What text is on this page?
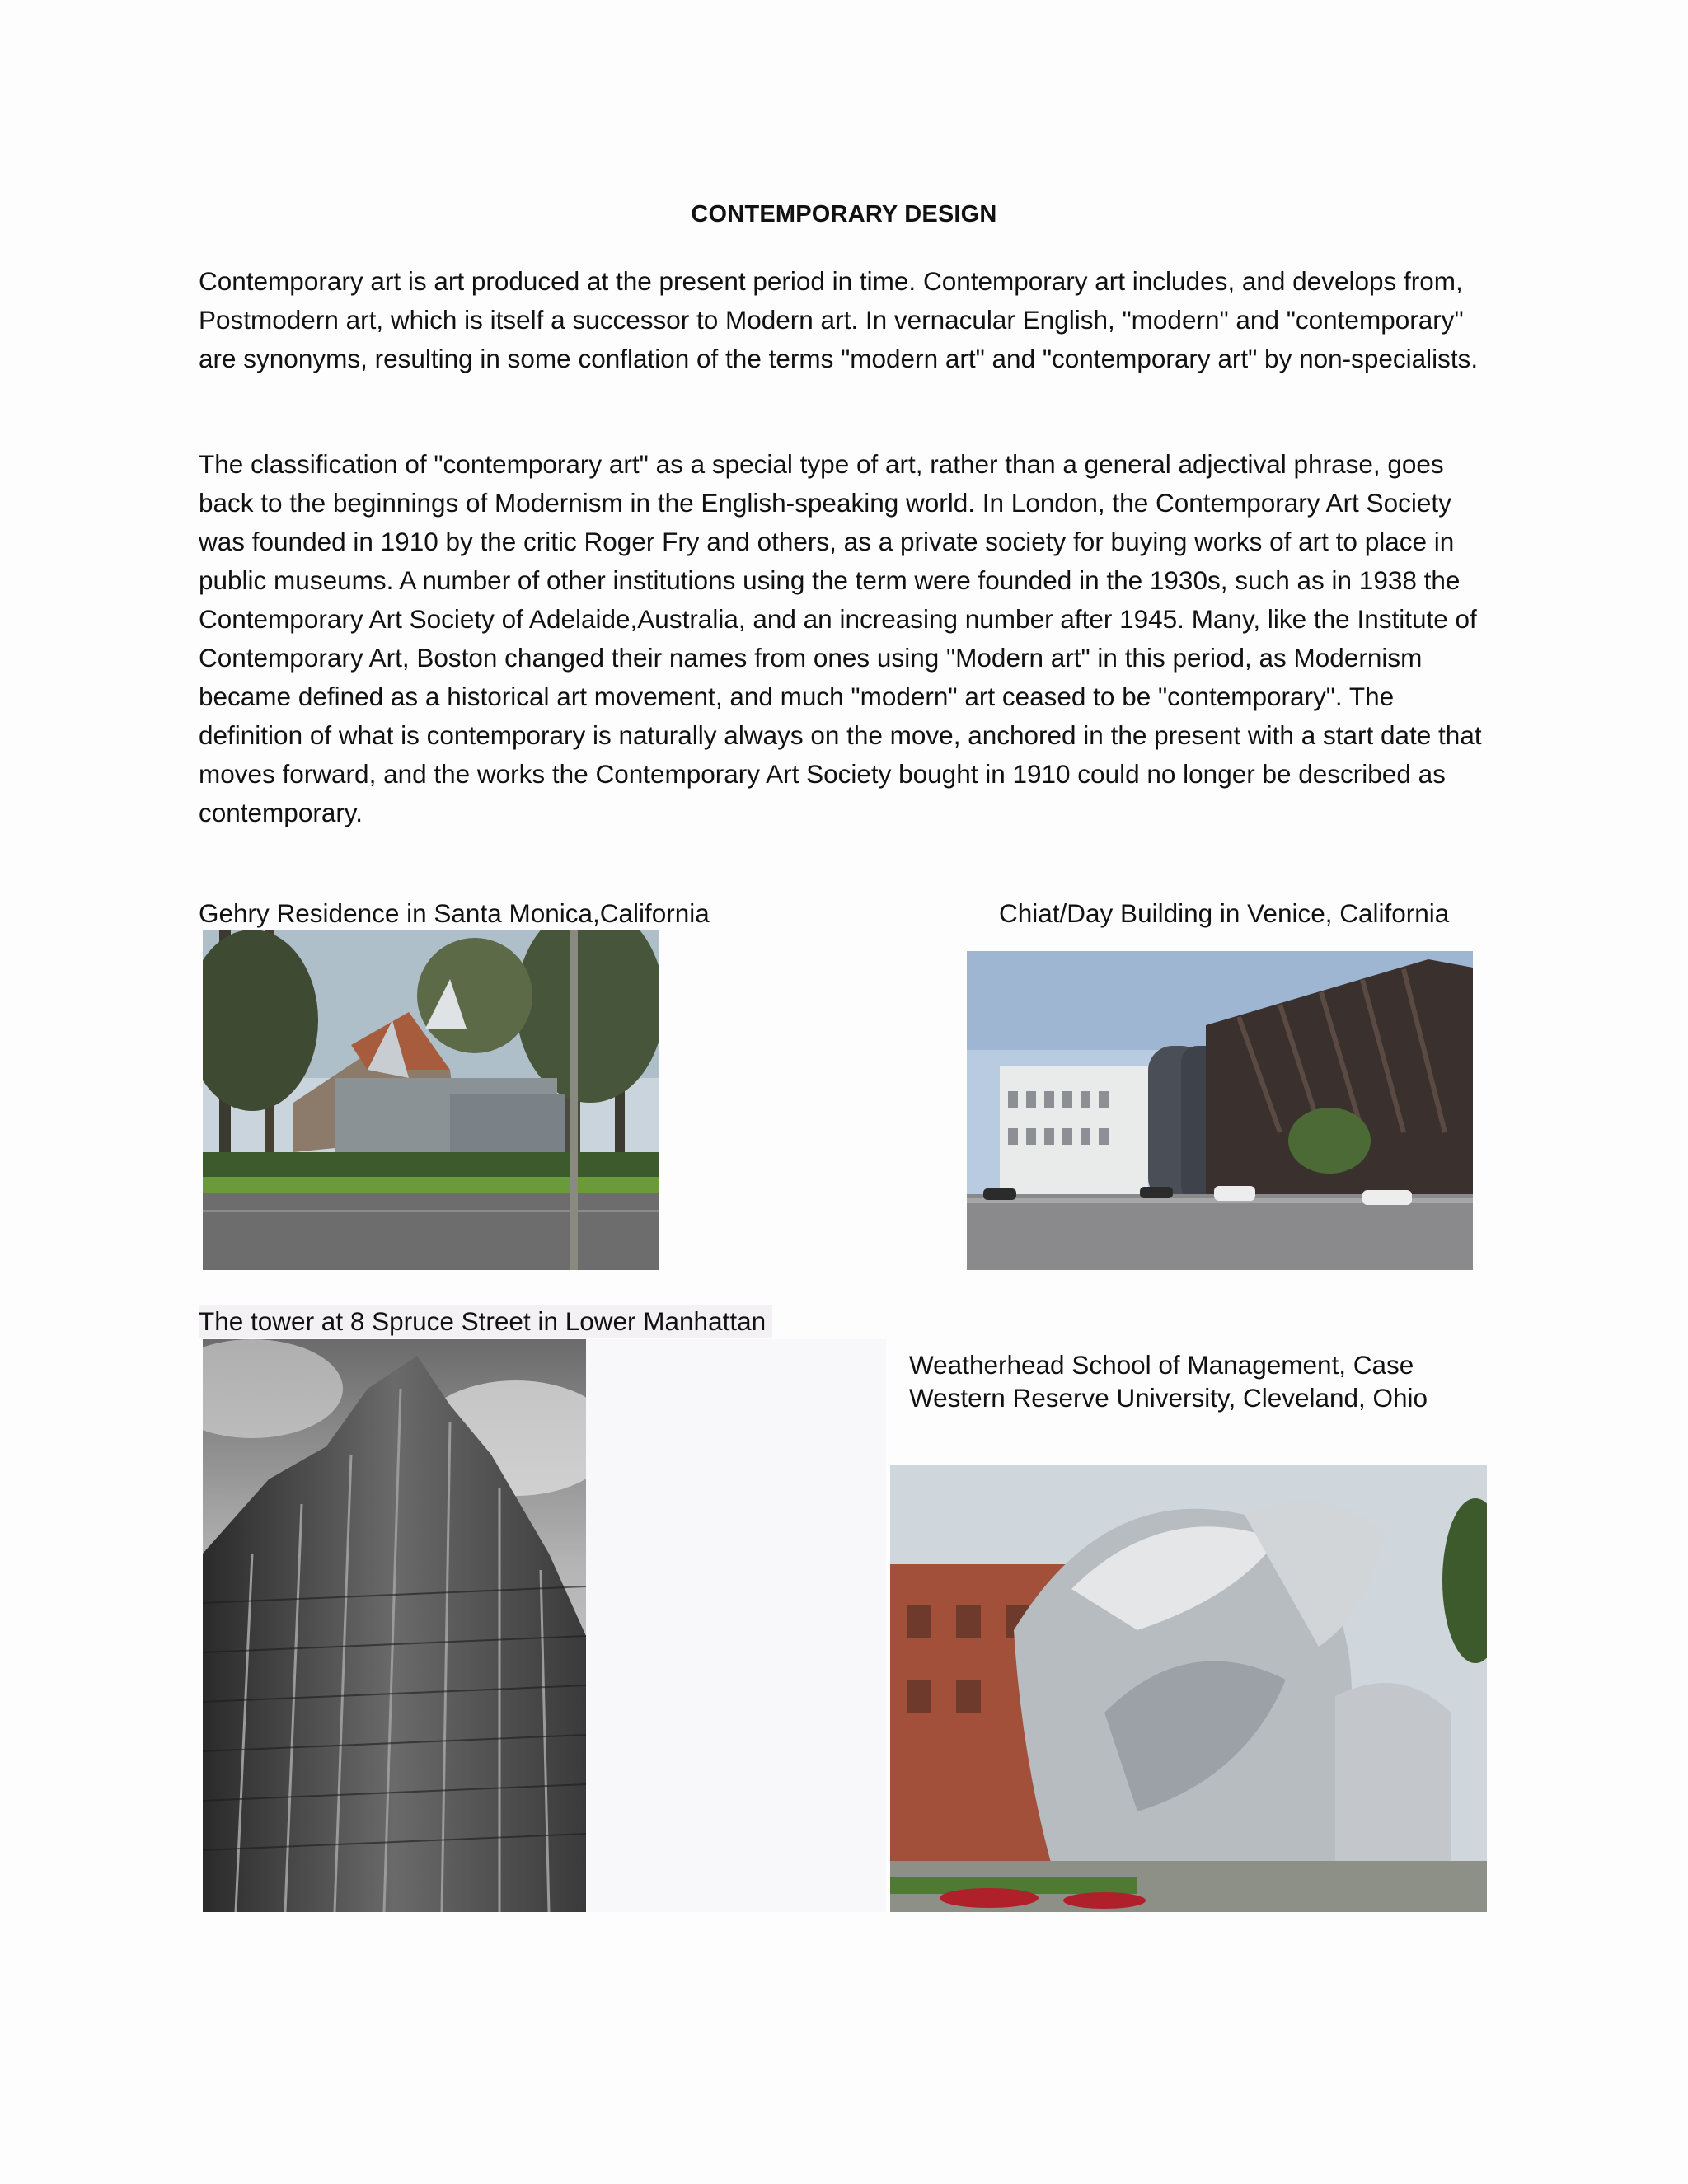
CONTEMPORARY DESIGN

Contemporary art is art produced at the present period in time. Contemporary art includes, and develops from, Postmodern art, which is itself a successor to Modern art. In vernacular English, "modern" and "contemporary" are synonyms, resulting in some conflation of the terms "modern art" and "contemporary art" by non-specialists.

The classification of "contemporary art" as a special type of art, rather than a general adjectival phrase, goes back to the beginnings of Modernism in the English-speaking world. In London, the Contemporary Art Society was founded in 1910 by the critic Roger Fry and others, as a private society for buying works of art to place in public museums. A number of other institutions using the term were founded in the 1930s, such as in 1938 the Contemporary Art Society of Adelaide,Australia, and an increasing number after 1945. Many, like the Institute of Contemporary Art, Boston changed their names from ones using "Modern art" in this period, as Modernism became defined as a historical art movement, and much "modern" art ceased to be "contemporary". The definition of what is contemporary is naturally always on the move, anchored in the present with a start date that moves forward, and the works the Contemporary Art Society bought in 1910 could no longer be described as contemporary.

Gehry Residence in Santa Monica,California	Chiat/Day Building in Venice, California
The tower at 8 Spruce Street in Lower Manhattan
Weatherhead School of Management, Case Western Reserve University, Cleveland, Ohio
